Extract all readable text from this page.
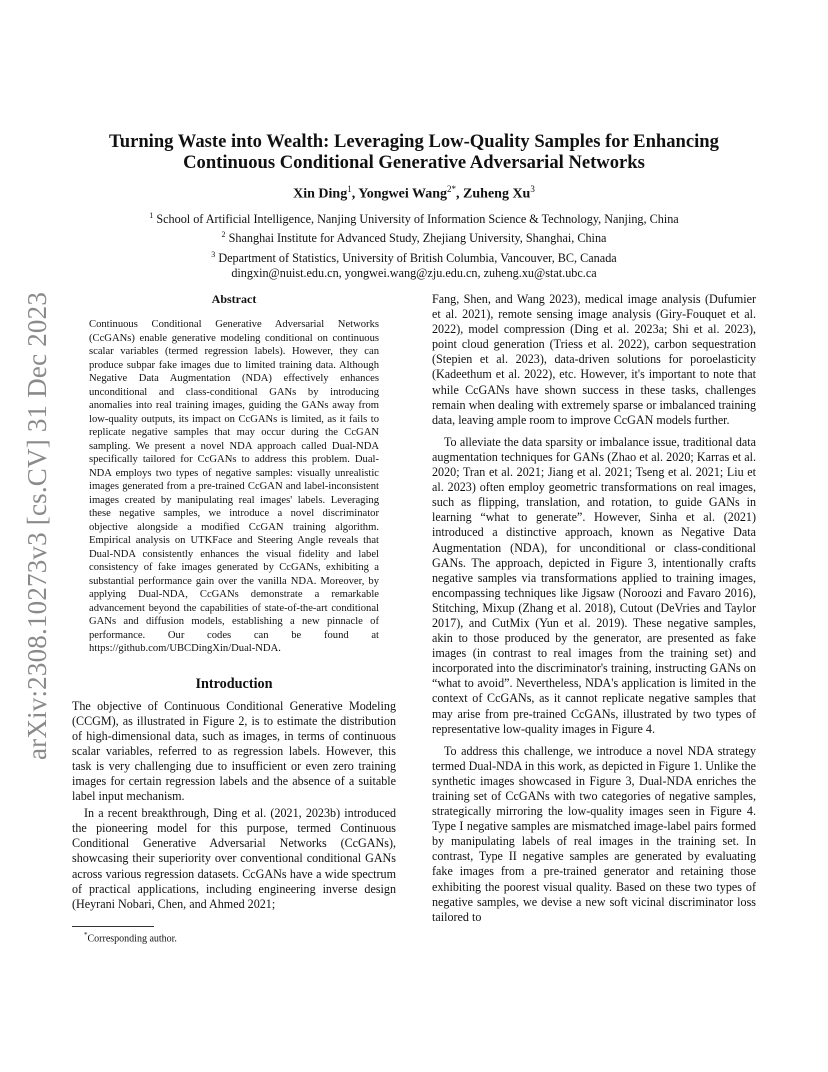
arXiv:2308.10273v3 [cs.CV] 31 Dec 2023
Turning Waste into Wealth: Leveraging Low-Quality Samples for Enhancing
Continuous Conditional Generative Adversarial Networks
Xin Ding$^1$, Yongwei Wang$^{2*}$, Zuheng Xu$^3$
$^1$ School of Artificial Intelligence, Nanjing University of Information Science & Technology, Nanjing, China
$^2$ Shanghai Institute for Advanced Study, Zhejiang University, Shanghai, China
$^3$ Department of Statistics, University of British Columbia, Vancouver, BC, Canada
dingxin@nuist.edu.cn, yongwei.wang@zju.edu.cn, zuheng.xu@stat.ubc.ca
Abstract
Continuous Conditional Generative Adversarial Networks (CcGANs) enable generative modeling conditional on continuous scalar variables (termed regression labels). However, they can produce subpar fake images due to limited training data. Although Negative Data Augmentation (NDA) effectively enhances unconditional and class-conditional GANs by introducing anomalies into real training images, guiding the GANs away from low-quality outputs, its impact on CcGANs is limited, as it fails to replicate negative samples that may occur during the CcGAN sampling. We present a novel NDA approach called Dual-NDA specifically tailored for CcGANs to address this problem. Dual-NDA employs two types of negative samples: visually unrealistic images generated from a pre-trained CcGAN and label-inconsistent images created by manipulating real images' labels. Leveraging these negative samples, we introduce a novel discriminator objective alongside a modified CcGAN training algorithm. Empirical analysis on UTKFace and Steering Angle reveals that Dual-NDA consistently enhances the visual fidelity and label consistency of fake images generated by CcGANs, exhibiting a substantial performance gain over the vanilla NDA. Moreover, by applying Dual-NDA, CcGANs demonstrate a remarkable advancement beyond the capabilities of state-of-the-art conditional GANs and diffusion models, establishing a new pinnacle of performance. Our codes can be found at https://github.com/UBCDingXin/Dual-NDA.
Introduction

The objective of Continuous Conditional Generative Modeling (CCGM), as illustrated in Figure 2, is to estimate the distribution of high-dimensional data, such as images, in terms of continuous scalar variables, referred to as regression labels. However, this task is very challenging due to insufficient or even zero training images for certain regression labels and the absence of a suitable label input mechanism.

In a recent breakthrough, Ding et al. (2021, 2023b) introduced the pioneering model for this purpose, termed Continuous Conditional Generative Adversarial Networks (CcGANs), showcasing their superiority over conventional conditional GANs across various regression datasets. CcGANs have a wide spectrum of practical applications, including engineering inverse design (Heyrani Nobari, Chen, and Ahmed 2021;

*Corresponding author.

Fang, Shen, and Wang 2023), medical image analysis (Dufumier et al. 2021), remote sensing image analysis (Giry-Fouquet et al. 2022), model compression (Ding et al. 2023a; Shi et al. 2023), point cloud generation (Triess et al. 2022), carbon sequestration (Stepien et al. 2023), data-driven solutions for poroelasticity (Kadeethum et al. 2022), etc. However, it's important to note that while CcGANs have shown success in these tasks, challenges remain when dealing with extremely sparse or imbalanced training data, leaving ample room to improve CcGAN models further.

To alleviate the data sparsity or imbalance issue, traditional data augmentation techniques for GANs (Zhao et al. 2020; Karras et al. 2020; Tran et al. 2021; Jiang et al. 2021; Tseng et al. 2021; Liu et al. 2023) often employ geometric transformations on real images, such as flipping, translation, and rotation, to guide GANs in learning “what to generate”. However, Sinha et al. (2021) introduced a distinctive approach, known as Negative Data Augmentation (NDA), for unconditional or class-conditional GANs. The approach, depicted in Figure 3, intentionally crafts negative samples via transformations applied to training images, encompassing techniques like Jigsaw (Noroozi and Favaro 2016), Stitching, Mixup (Zhang et al. 2018), Cutout (DeVries and Taylor 2017), and CutMix (Yun et al. 2019). These negative samples, akin to those produced by the generator, are presented as fake images (in contrast to real images from the training set) and incorporated into the discriminator's training, instructing GANs on “what to avoid”. Nevertheless, NDA's application is limited in the context of CcGANs, as it cannot replicate negative samples that may arise from pre-trained CcGANs, illustrated by two types of representative low-quality images in Figure 4.

To address this challenge, we introduce a novel NDA strategy termed Dual-NDA in this work, as depicted in Figure 1. Unlike the synthetic images showcased in Figure 3, Dual-NDA enriches the training set of CcGANs with two categories of negative samples, strategically mirroring the low-quality images seen in Figure 4. Type I negative samples are mismatched image-label pairs formed by manipulating labels of real images in the training set. In contrast, Type II negative samples are generated by evaluating fake images from a pre-trained generator and retaining those exhibiting the poorest visual quality. Based on these two types of negative samples, we devise a new soft vicinal discriminator loss tailored to
